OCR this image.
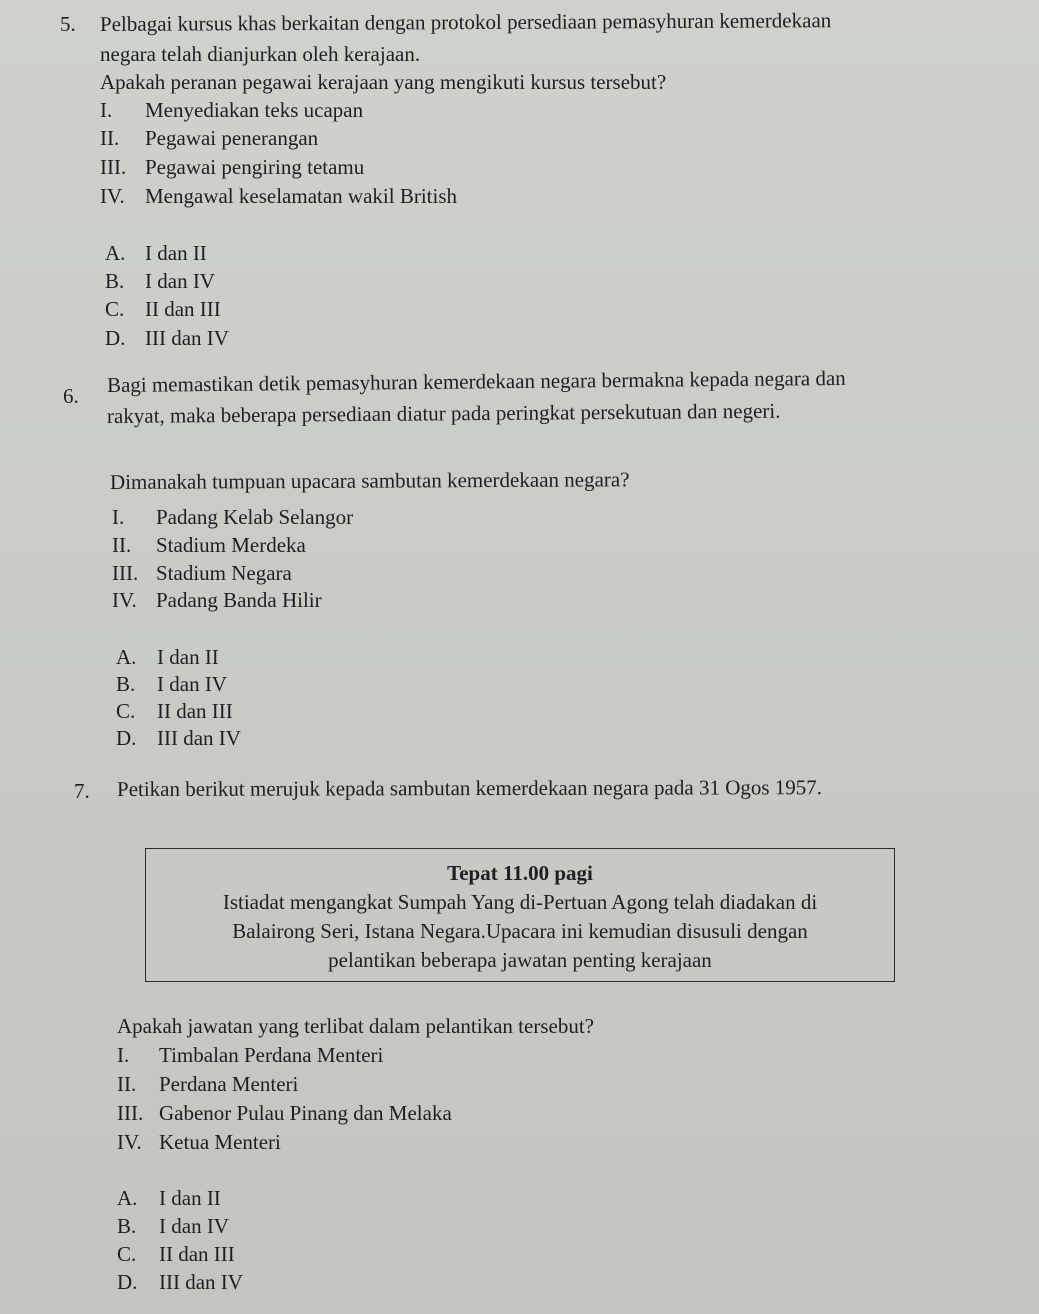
5. Pelbagai kursus khas berkaitan dengan protokol persediaan pemasyhuran kemerdekaan
negara telah dianjurkan oleh kerajaan.
Apakah peranan pegawai kerajaan yang mengikuti kursus tersebut?
I. Menyediakan teks ucapan
II. Pegawai penerangan
III. Pegawai pengiring tetamu
IV. Mengawal keselamatan wakil British
A. I dan II
B. I dan IV
C. II dan III
D. III dan IV
6. Bagi memastikan detik pemasyhuran kemerdekaan negara bermakna kepada negara dan
rakyat, maka beberapa persediaan diatur pada peringkat persekutuan dan negeri.
Dimanakah tumpuan upacara sambutan kemerdekaan negara?
I. Padang Kelab Selangor
II. Stadium Merdeka
III. Stadium Negara
IV. Padang Banda Hilir
A. I dan II
B. I dan IV
C. II dan III
D. III dan IV
7. Petikan berikut merujuk kepada sambutan kemerdekaan negara pada 31 Ogos 1957.
Tepat 11.00 pagi
Istiadat mengangkat Sumpah Yang di-Pertuan Agong telah diadakan di
Balairong Seri, Istana Negara.Upacara ini kemudian disusuli dengan
pelantikan beberapa jawatan penting kerajaan
Apakah jawatan yang terlibat dalam pelantikan tersebut?
I. Timbalan Perdana Menteri
II. Perdana Menteri
III. Gabenor Pulau Pinang dan Melaka
IV. Ketua Menteri
A. I dan II
B. I dan IV
C. II dan III
D. III dan IV
